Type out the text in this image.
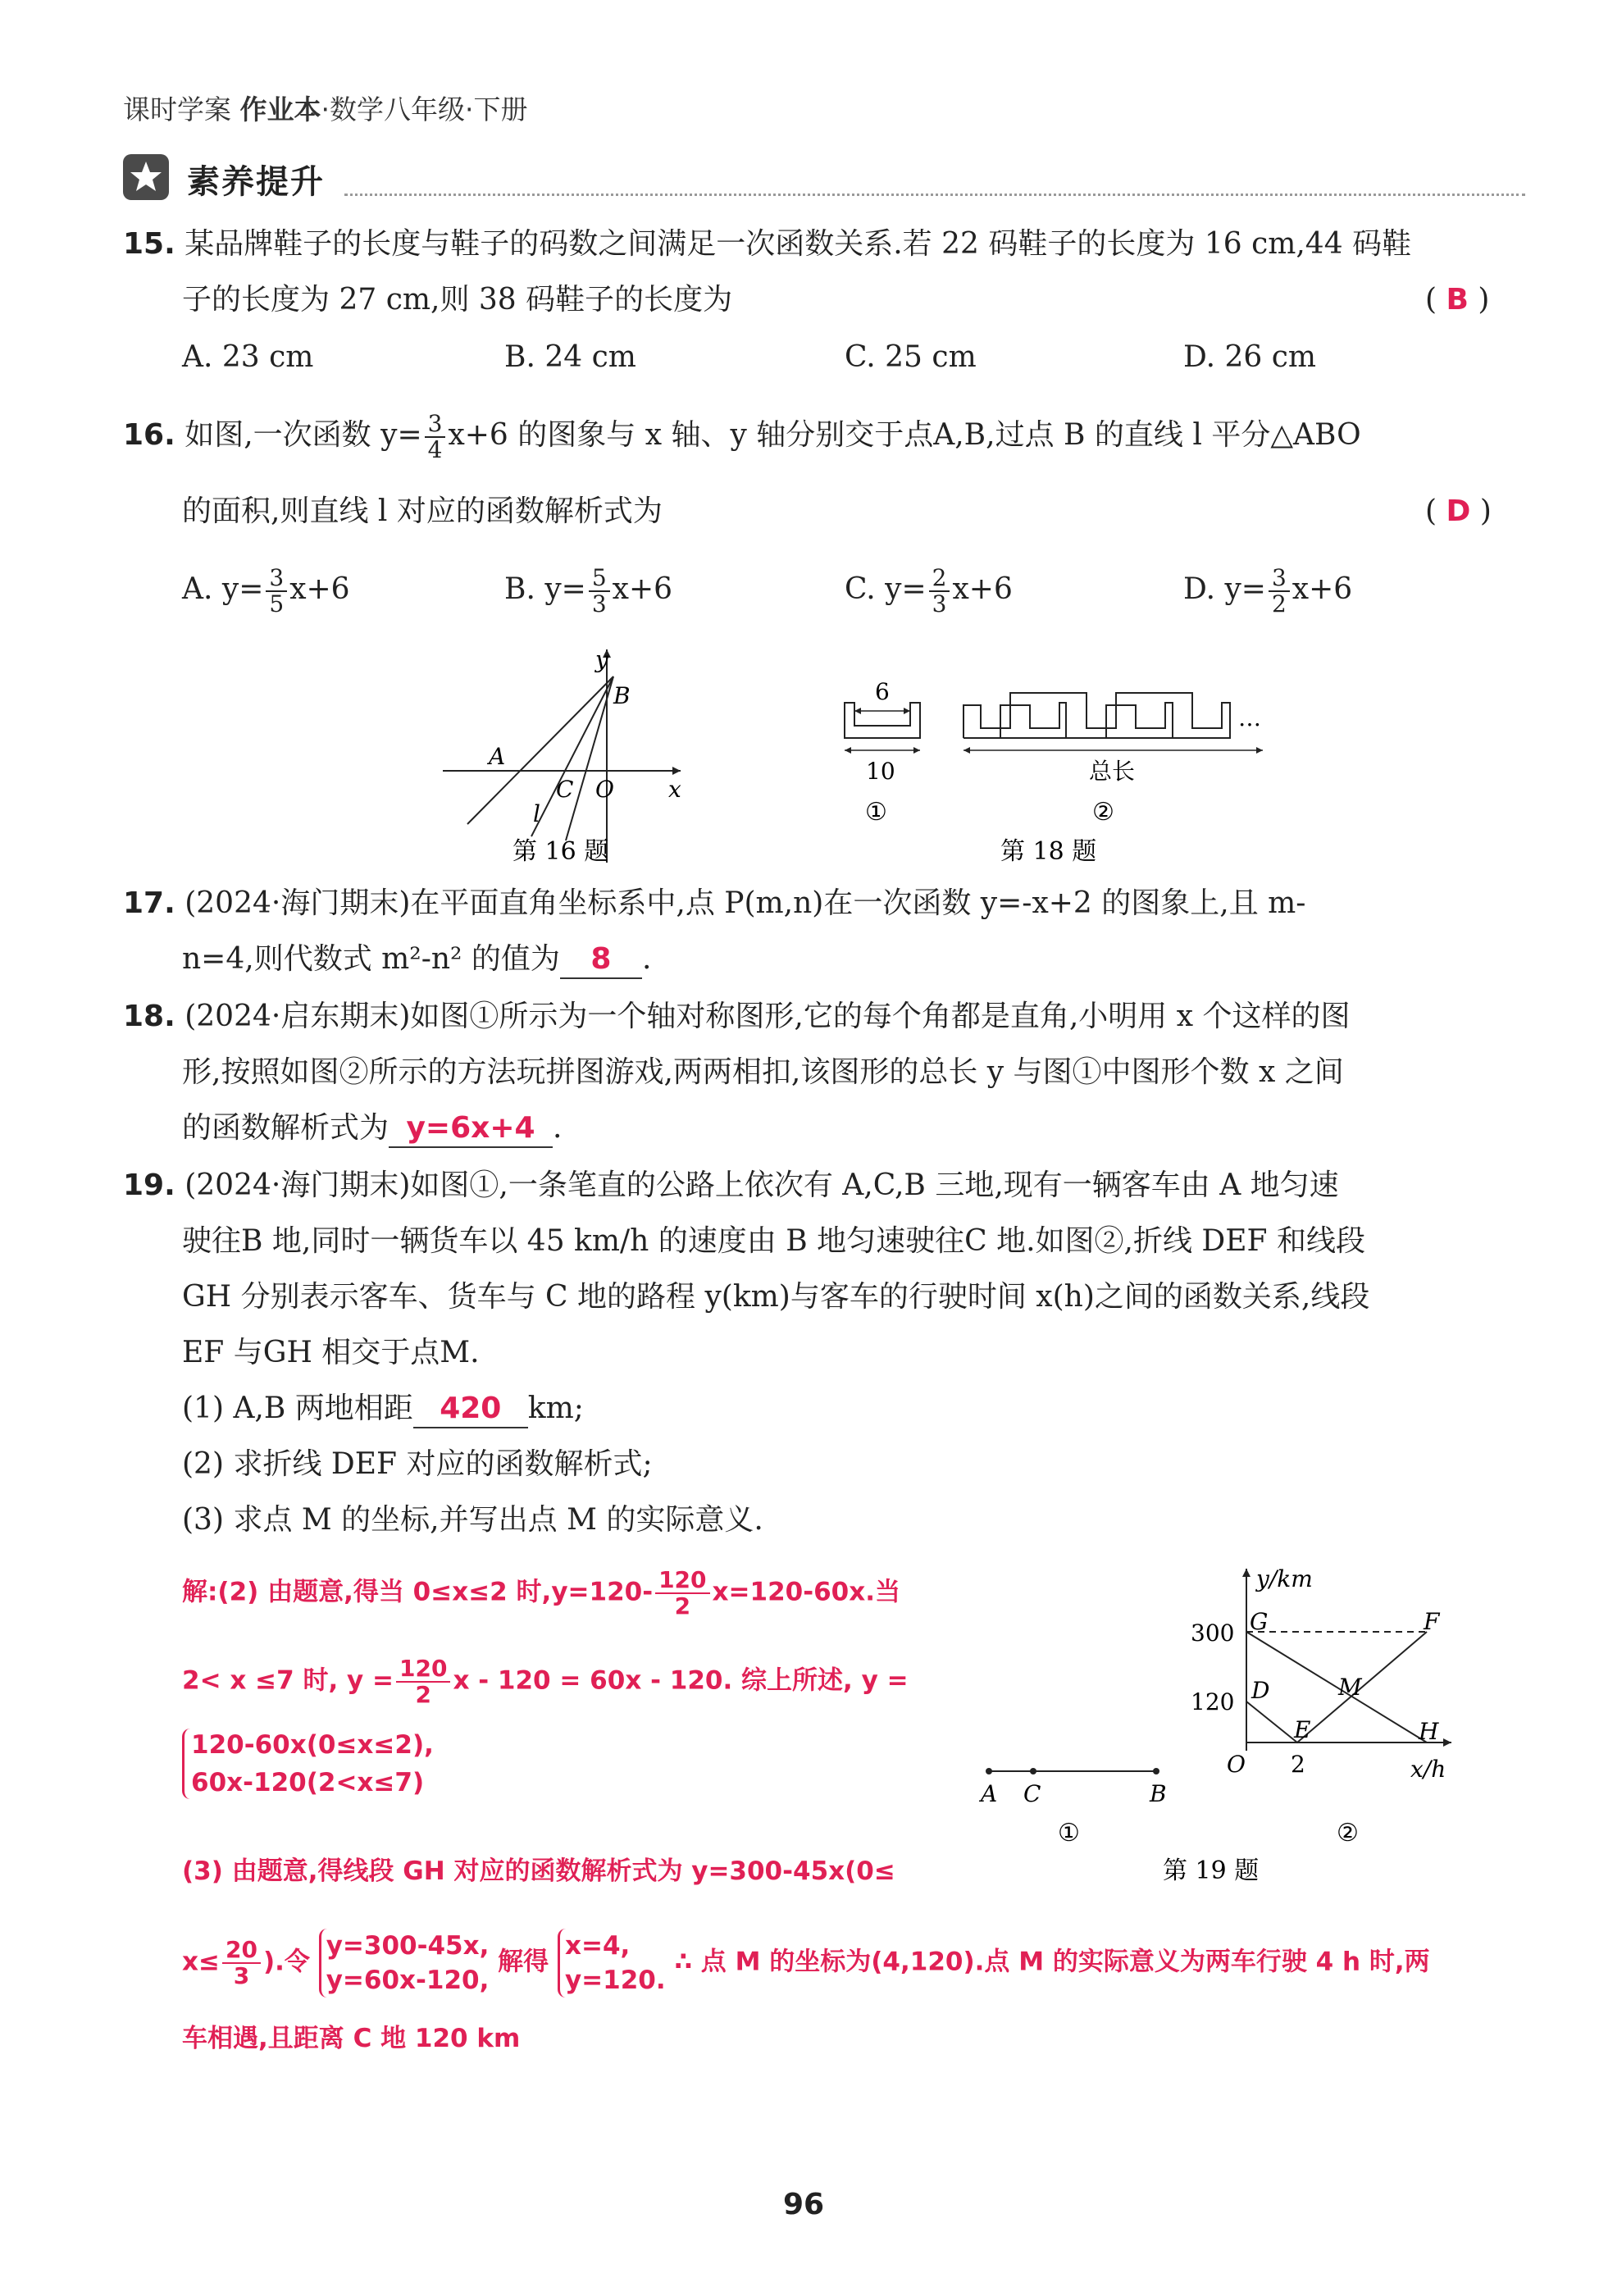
课时学案 作业本·数学八年级·下册
素养提升
15. 某品牌鞋子的长度与鞋子的码数之间满足一次函数关系.若 22 码鞋子的长度为 16 cm,44 码鞋
子的长度为 27 cm,则 38 码鞋子的长度为	( B )
A. 23 cm	B. 24 cm	C. 25 cm	D. 26 cm
16. 如图,一次函数 $y= \frac{3}{4} x+6$ 的图象与 x 轴、y 轴分别交于点A,B,过点 B 的直线 l 平分△ABO
的面积,则直线 l 对应的函数解析式为	( D )
A. $y= \frac{3}{5} x+6$	B. $y= \frac{5}{3} x+6$	C. $y= \frac{2}{3} x+6$	D. $y= \frac{3}{2} x+6$
y
B
A
C O x
l
第 16 题
6
10
①
…
总长
②
第 18 题
17. (2024·海门期末)在平面直角坐标系中,点 P(m,n)在一次函数 y=-x+2 的图象上,且 m-
n=4,则代数式 m²-n² 的值为 8 .
18. (2024·启东期末)如图①所示为一个轴对称图形,它的每个角都是直角,小明用 x 个这样的图
形,按照如图②所示的方法玩拼图游戏,两两相扣,该图形的总长 y 与图①中图形个数 x 之间
的函数解析式为 y=6x+4 .
19. (2024·海门期末)如图①,一条笔直的公路上依次有 A,C,B 三地,现有一辆客车由 A 地匀速
驶往B 地,同时一辆货车以 45 km/h 的速度由 B 地匀速驶往C 地.如图②,折线 DEF 和线段
GH 分别表示客车、货车与 C 地的路程 y(km)与客车的行驶时间 x(h)之间的函数关系,线段
EF 与GH 相交于点M.
(1) A,B 两地相距 420 km;
(2) 求折线 DEF 对应的函数解析式;
(3) 求点 M 的坐标,并写出点 M 的实际意义.
解:(2) 由题意,得当 0≤x≤2 时$,y=120- \frac{120}{2} x=120-60x$.当
2< x ≤7 时, $y = \frac{120}{2}$ x - 120 = 60x - 120. 综上所述, y =
120-60x(0≤x≤2),
60x-120(2<x≤7)
(3) 由题意,得线段 GH 对应的函数解析式为 y=300-45x(0≤
$x\le \frac{20}{3}$ ).令
y=300-45x,
y=60x-120,
解得
x=4,
y=120.
∴ 点 M 的坐标为(4,120).点 M 的实际意义为两车行驶 4 h 时,两
车相遇,且距离 C 地 120 km
A C	B
①
y/km
300
120
G	F
D	M
E	H
O 2	x/h
②
第 19 题
96
